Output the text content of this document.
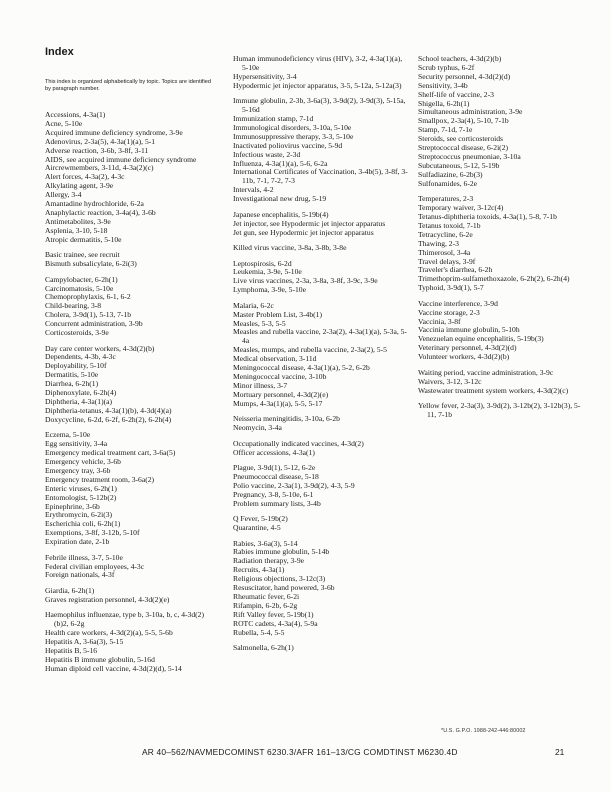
Index
This index is organized alphabetically by topic. Topics are identified by paragraph number.
Accessions, 4-3a(1)
Acne, 5-10e
Acquired immune deficiency syndrome, 3-9e
Adenovirus, 2-3a(5), 4-3a(1)(a), 5-1
Adverse reaction, 3-6b, 3-8f, 3-11
AIDS, see acquired immune deficiency syndrome
Aircrewmembers, 3-11d, 4-3a(2)(c)
Alert forces, 4-3a(2), 4-3c
Alkylating agent, 3-9e
Allergy, 3-4
Amantadine hydrochloride, 6-2a
Anaphylactic reaction, 3-4a(4), 3-6b
Antimetabolites, 3-9e
Asplenia, 3-10, 5-18
Atropic dermatitis, 5-10e
Basic trainee, see recruit
Bismuth subsalicylate, 6-2i(3)
Campylobacter, 6-2h(1)
Carcinomatosis, 5-10e
Chemoprophylaxis, 6-1, 6-2
Child-bearing, 3-8
Cholera, 3-9d(1), 5-13, 7-1b
Concurrent administration, 3-9b
Corticosteroids, 3-9e
Day care center workers, 4-3d(2)(b)
Dependents, 4-3b, 4-3c
Deployability, 5-10f
Dermatitis, 5-10e
Diarrhea, 6-2h(1)
Diphenoxylate, 6-2h(4)
Diphtheria, 4-3a(1)(a)
Diphtheria-tetanus, 4-3a(1)(b), 4-3d(4)(a)
Doxycycline, 6-2d, 6-2f, 6-2h(2), 6-2h(4)
Eczema, 5-10e
Egg sensitivity, 3-4a
Emergency medical treatment cart, 3-6a(5)
Emergency vehicle, 3-6b
Emergency tray, 3-6b
Emergency treatment room, 3-6a(2)
Enteric viruses, 6-2h(1)
Entomologist, 5-12b(2)
Epinephrine, 3-6b
Erythromycin, 6-2i(3)
Escherichia coli, 6-2h(1)
Exemptions, 3-8f, 3-12b, 5-10f
Expiration date, 2-1b
Febrile illness, 3-7, 5-10e
Federal civilian employees, 4-3c
Foreign nationals, 4-3f
Giardia, 6-2h(1)
Graves registration personnel, 4-3d(2)(e)
Haemophilus influenzae, type b, 3-10a, b, c, 4-3d(2)(b)2, 6-2g
Health care workers, 4-3d(2)(a), 5-5, 5-6b
Hepatitis A, 3-6a(3), 5-15
Hepatitis B, 5-16
Hepatitis B immune globulin, 5-16d
Human diploid cell vaccine, 4-3d(2)(d), 5-14
Human immunodeficiency virus (HIV), 3-2, 4-3a(1)(a), 5-10e
Hypersensitivity, 3-4
Hypodermic jet injector apparatus, 3-5, 5-12a, 5-12a(3)
Immune globulin, 2-3b, 3-6a(3), 3-9d(2), 3-9d(3), 5-15a, 5-16d
Immunization stamp, 7-1d
Immunological disorders, 3-10a, 5-10e
Immunosuppressive therapy, 3-3, 5-10e
Inactivated poliovirus vaccine, 5-9d
Infectious waste, 2-3d
Influenza, 4-3a(1)(a), 5-6, 6-2a
International Certificates of Vaccination, 3-4b(5), 3-8f, 3-11b, 7-1, 7-2, 7-3
Intervals, 4-2
Investigational new drug, 5-19
Japanese encephalitis, 5-19b(4)
Jet injector, see Hypodermic jet injector apparatus
Jet gun, see Hypodermic jet injector apparatus
Killed virus vaccine, 3-8a, 3-8b, 3-8e
Leptospirosis, 6-2d
Leukemia, 3-9e, 5-10e
Live virus vaccines, 2-3a, 3-8a, 3-8f, 3-9c, 3-9e
Lymphoma, 3-9e, 5-10e
Malaria, 6-2c
Master Problem List, 3-4b(1)
Measles, 5-3, 5-5
Measles and rubella vaccine, 2-3a(2), 4-3a(1)(a), 5-3a, 5-4a
Measles, mumps, and rubella vaccine, 2-3a(2), 5-5
Medical observation, 3-11d
Meningococcal disease, 4-3a(1)(a), 5-2, 6-2b
Meningococcal vaccine, 3-10b
Minor illness, 3-7
Mortuary personnel, 4-3d(2)(e)
Mumps, 4-3a(1)(a), 5-5, 5-17
Neisseria meningitidis, 3-10a, 6-2b
Neomycin, 3-4a
Occupationally indicated vaccines, 4-3d(2)
Officer accessions, 4-3a(1)
Plague, 3-9d(1), 5-12, 6-2e
Pneumococcal disease, 5-18
Polio vaccine, 2-3a(1), 3-9d(2), 4-3, 5-9
Pregnancy, 3-8, 5-10e, 6-1
Problem summary lists, 3-4b
Q Fever, 5-19b(2)
Quarantine, 4-5
Rabies, 3-6a(3), 5-14
Rabies immune globulin, 5-14b
Radiation therapy, 3-9e
Recruits, 4-3a(1)
Religious objections, 3-12c(3)
Resuscitator, hand powered, 3-6b
Rheumatic fever, 6-2i
Rifampin, 6-2b, 6-2g
Rift Valley fever, 5-19b(1)
ROTC cadets, 4-3a(4), 5-9a
Rubella, 5-4, 5-5
Salmonella, 6-2h(1)
School teachers, 4-3d(2)(b)
Scrub typhus, 6-2f
Security personnel, 4-3d(2)(d)
Sensitivity, 3-4b
Shelf-life of vaccine, 2-3
Shigella, 6-2h(1)
Simultaneous administration, 3-9e
Smallpox, 2-3a(4), 5-10, 7-1b
Stamp, 7-1d, 7-1e
Steroids, see corticosteroids
Streptococcal disease, 6-2i(2)
Streptococcus pneumoniae, 3-10a
Subcutaneous, 5-12, 5-19b
Sulfadiazine, 6-2b(3)
Sulfonamides, 6-2e
Temperatures, 2-3
Temporary waiver, 3-12c(4)
Tetanus-diphtheria toxoids, 4-3a(1), 5-8, 7-1b
Tetanus toxoid, 7-1b
Tetracycline, 6-2e
Thawing, 2-3
Thimerosol, 3-4a
Travel delays, 3-9f
Traveler's diarrhea, 6-2h
Trimethoprim-sulfamethoxazole, 6-2h(2), 6-2h(4)
Typhoid, 3-9d(1), 5-7
Vaccine interference, 3-9d
Vaccine storage, 2-3
Vaccinia, 3-8f
Vaccinia immune globulin, 5-10h
Venezuelan equine encephalitis, 5-19b(3)
Veterinary personnel, 4-3d(2)(d)
Volunteer workers, 4-3d(2)(b)
Waiting period, vaccine administration, 3-9c
Waivers, 3-12, 3-12c
Wastewater treatment system workers, 4-3d(2)(c)
Yellow fever, 2-3a(3), 3-9d(2), 3-12b(2), 3-12b(3), 5-11, 7-1b
*U.S. G.P.O. 1988-242-446:80002
AR 40–562/NAVMEDCOMINST 6230.3/AFR 161–13/CG COMDTINST M6230.4D	21
